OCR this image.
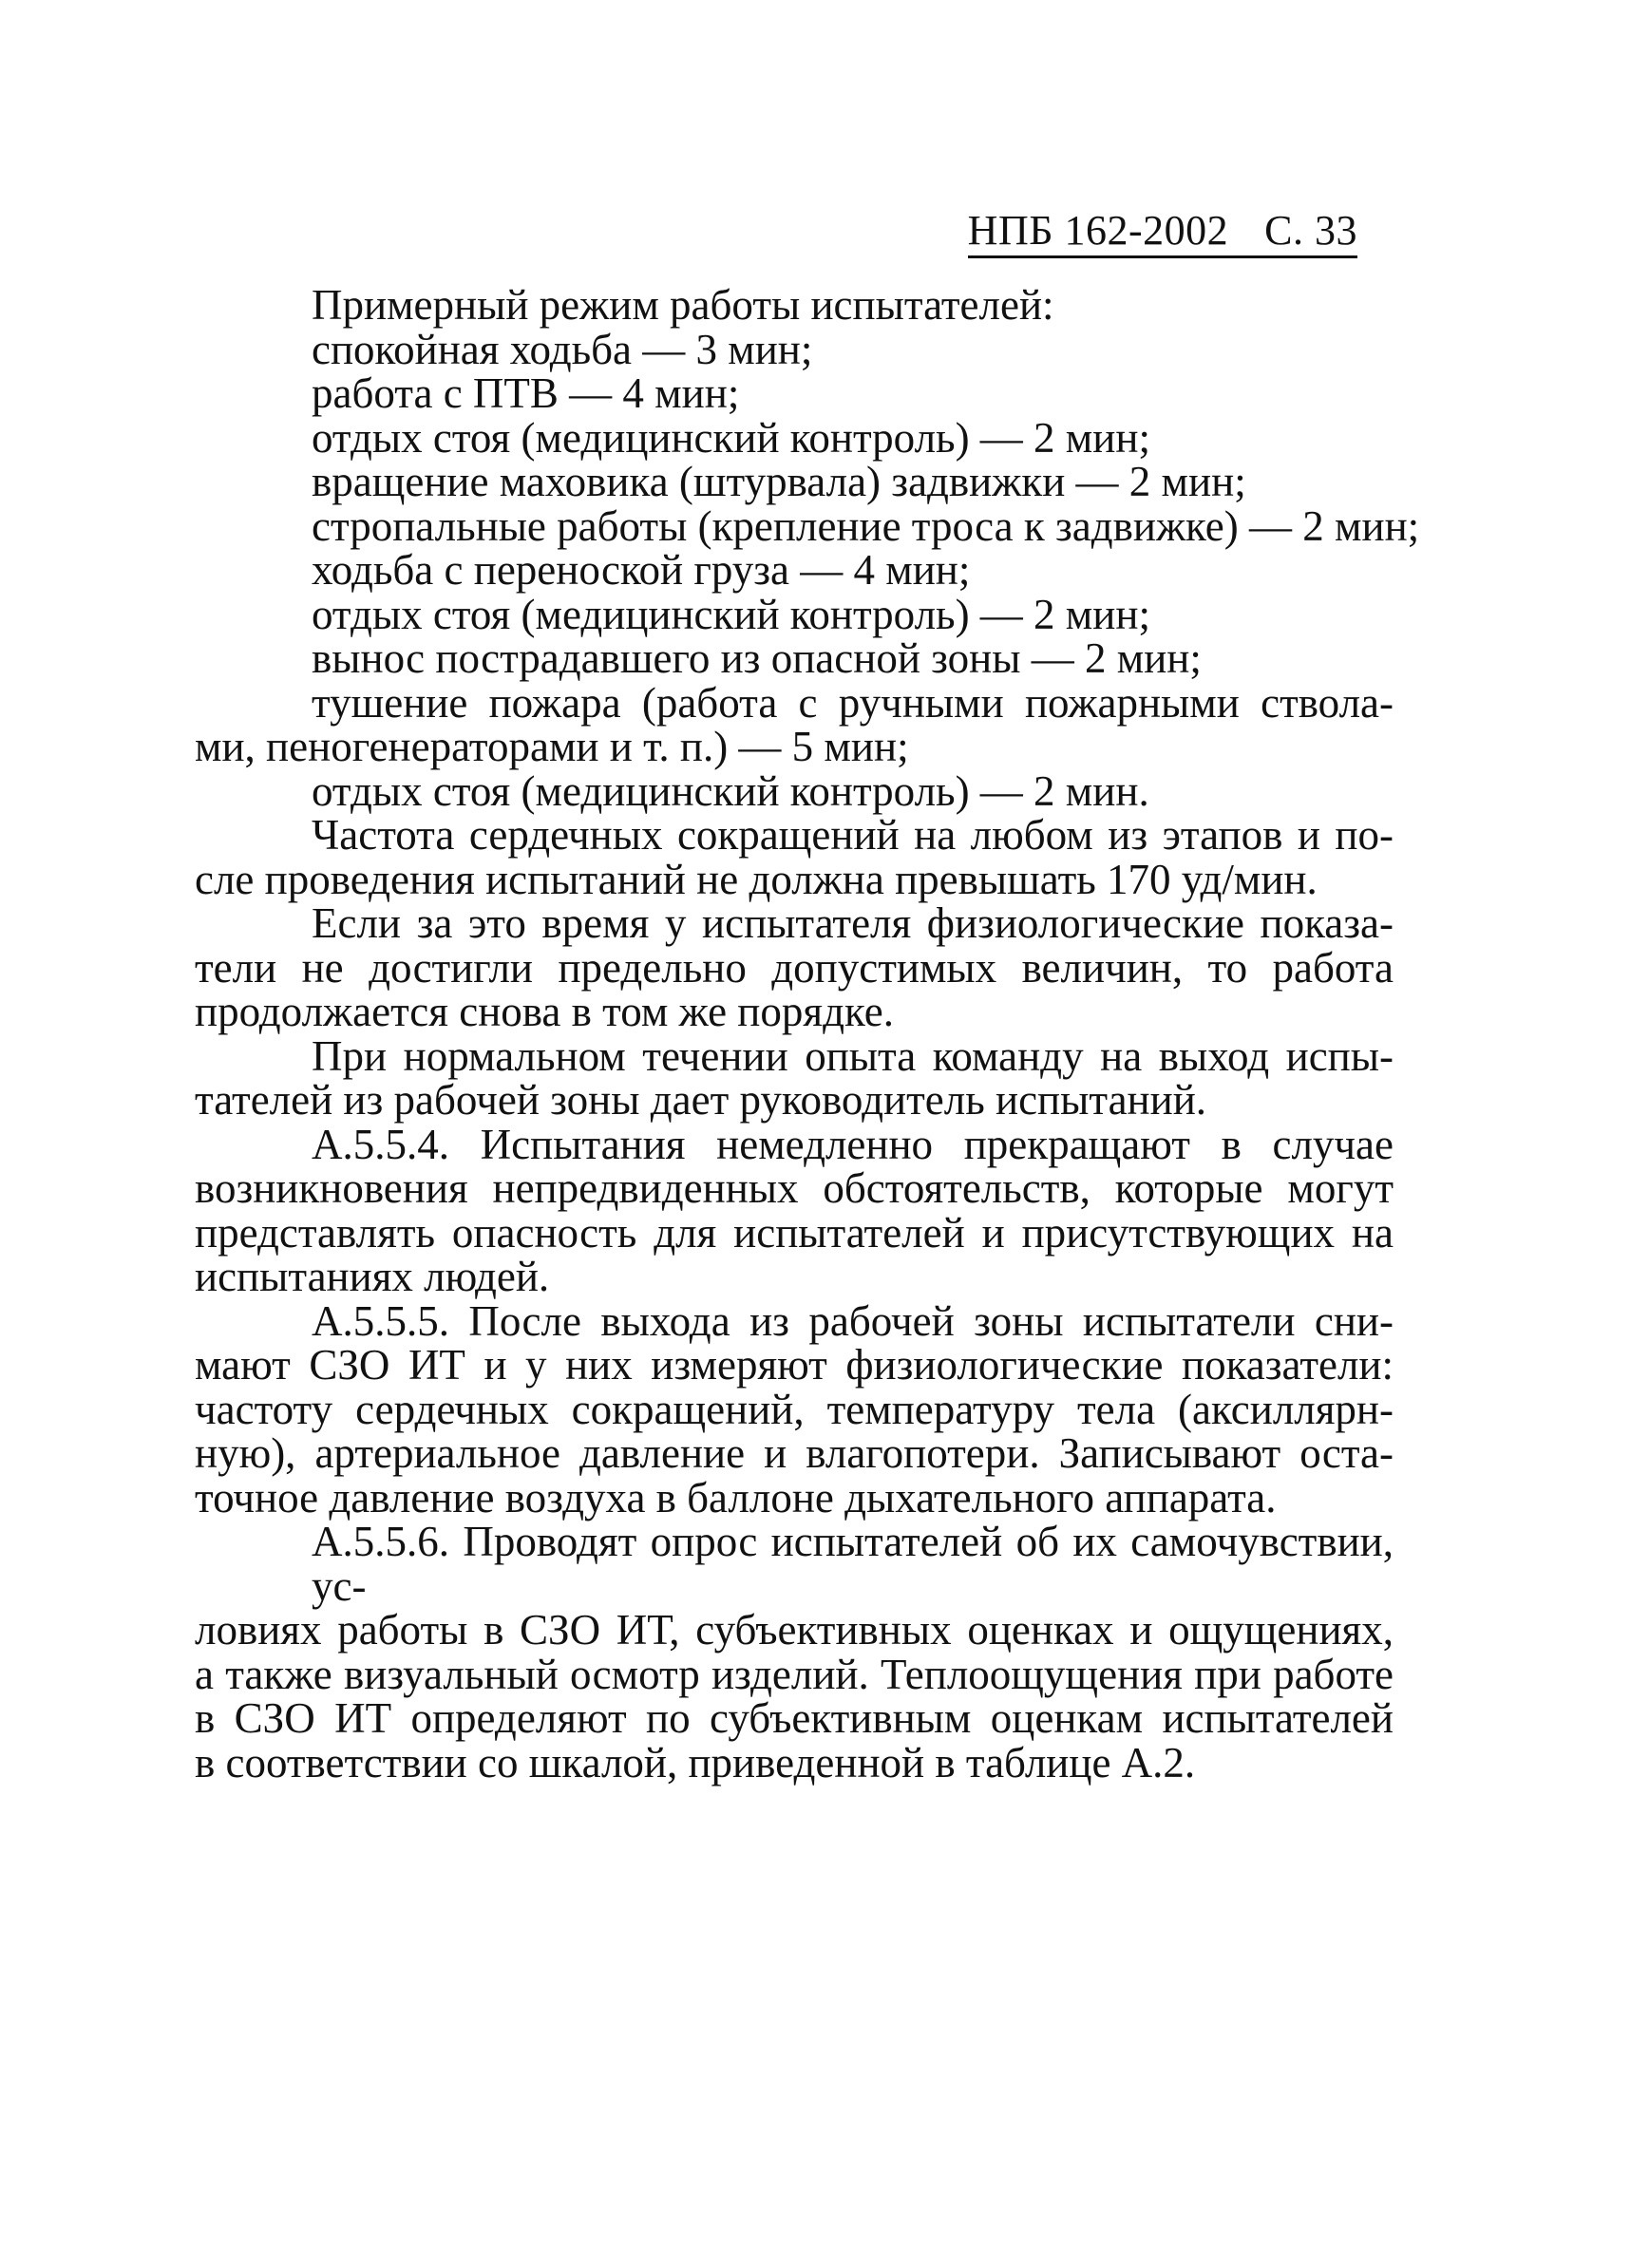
НПБ 162-2002 С. 33
Примерный режим работы испытателей:
спокойная ходьба — 3 мин;
работа с ПТВ — 4 мин;
отдых стоя (медицинский контроль) — 2 мин;
вращение маховика (штурвала) задвижки — 2 мин;
стропальные работы (крепление троса к задвижке) — 2 мин;
ходьба с переноской груза — 4 мин;
отдых стоя (медицинский контроль) — 2 мин;
вынос пострадавшего из опасной зоны — 2 мин;
тушение пожара (работа с ручными пожарными ствола-
ми, пеногенераторами и т. п.) — 5 мин;
отдых стоя (медицинский контроль) — 2 мин.
Частота сердечных сокращений на любом из этапов и по-
сле проведения испытаний не должна превышать 170 уд/мин.
Если за это время у испытателя физиологические показа-
тели не достигли предельно допустимых величин, то работа
продолжается снова в том же порядке.
При нормальном течении опыта команду на выход испы-
тателей из рабочей зоны дает руководитель испытаний.
А.5.5.4. Испытания немедленно прекращают в случае
возникновения непредвиденных обстоятельств, которые могут
представлять опасность для испытателей и присутствующих на
испытаниях людей.
А.5.5.5. После выхода из рабочей зоны испытатели сни-
мают СЗО ИТ и у них измеряют физиологические показатели:
частоту сердечных сокращений, температуру тела (аксиллярн-
ную), артериальное давление и влагопотери. Записывают оста-
точное давление воздуха в баллоне дыхательного аппарата.
А.5.5.6. Проводят опрос испытателей об их самочувствии, ус-
ловиях работы в СЗО ИТ, субъективных оценках и ощущениях,
а также визуальный осмотр изделий. Теплоощущения при работе
в СЗО ИТ определяют по субъективным оценкам испытателей
в соответствии со шкалой, приведенной в таблице А.2.
